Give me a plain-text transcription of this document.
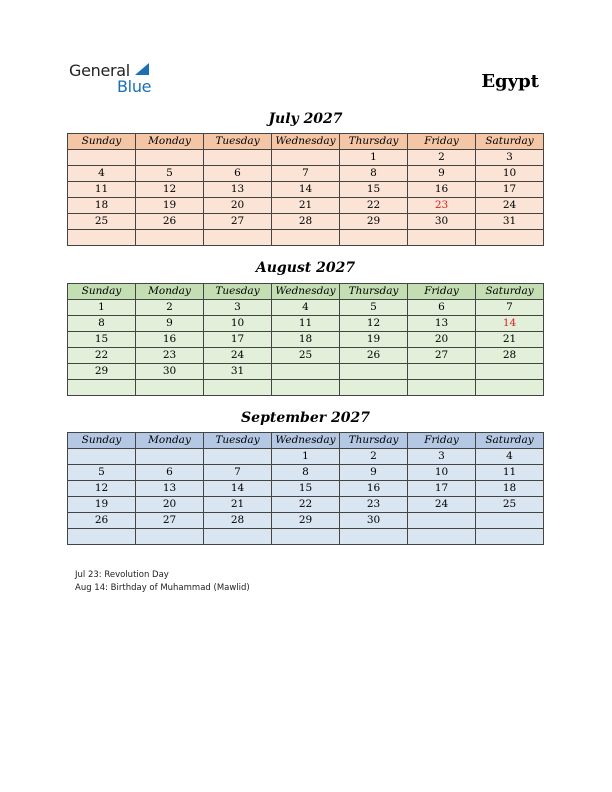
General
Blue	Egypt
July 2027
Sunday	Monday	Tuesday	Wednesday	Thursday	Friday	Saturday
				1	2	3
4	5	6	7	8	9	10
11	12	13	14	15	16	17
18	19	20	21	22	23	24
25	26	27	28	29	30	31

August 2027
Sunday	Monday	Tuesday	Wednesday	Thursday	Friday	Saturday
1	2	3	4	5	6	7
8	9	10	11	12	13	14
15	16	17	18	19	20	21
22	23	24	25	26	27	28
29	30	31				

September 2027
Sunday	Monday	Tuesday	Wednesday	Thursday	Friday	Saturday
			1	2	3	4
5	6	7	8	9	10	11
12	13	14	15	16	17	18
19	20	21	22	23	24	25
26	27	28	29	30		

Jul 23: Revolution Day
Aug 14: Birthday of Muhammad (Mawlid)
